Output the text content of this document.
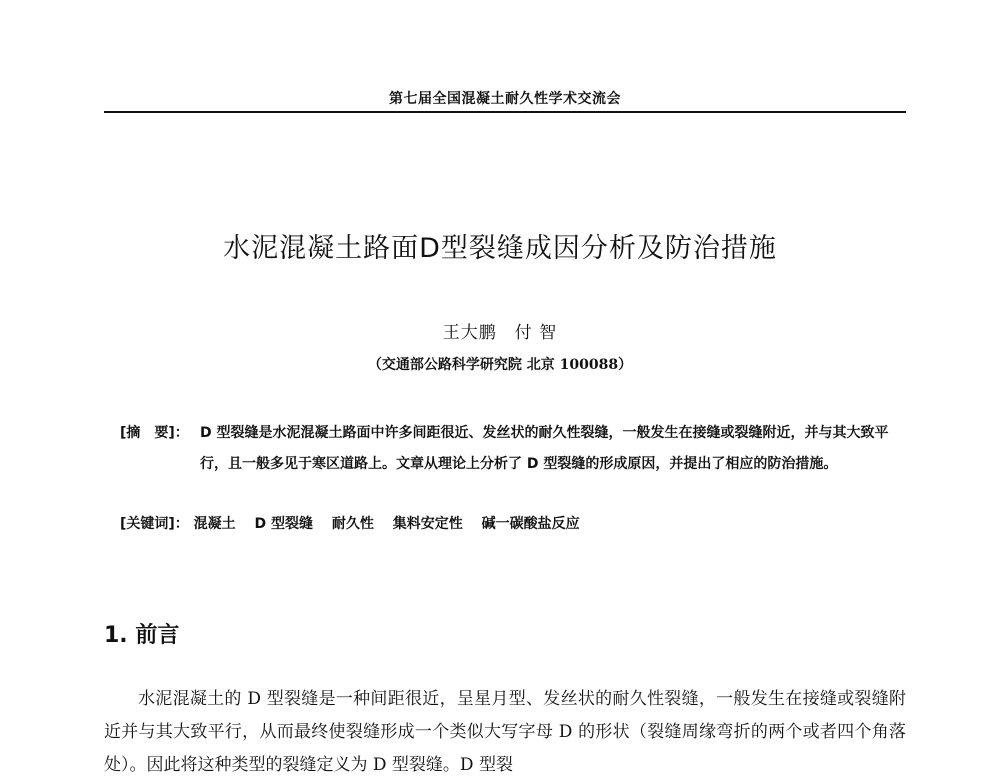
第七届全国混凝土耐久性学术交流会
水泥混凝土路面D型裂缝成因分析及防治措施
王大鹏　付 智
（交通部公路科学研究院 北京 100088）
[摘　要]： D 型裂缝是水泥混凝土路面中许多间距很近、发丝状的耐久性裂缝，一般发生在接缝或裂缝附近，并与其大致平行，且一般多见于寒区道路上。文章从理论上分析了 D 型裂缝的形成原因，并提出了相应的防治措施。
[关键词]： 混凝土 D 型裂缝 耐久性 集料安定性 碱一碳酸盐反应
1. 前言
水泥混凝土的 D 型裂缝是一种间距很近，呈星月型、发丝状的耐久性裂缝，一般发生在接缝或裂缝附近并与其大致平行，从而最终使裂缝形成一个类似大写字母 D 的形状（裂缝周缘弯折的两个或者四个角落处）。因此将这种类型的裂缝定义为 D 型裂缝。D 型裂
